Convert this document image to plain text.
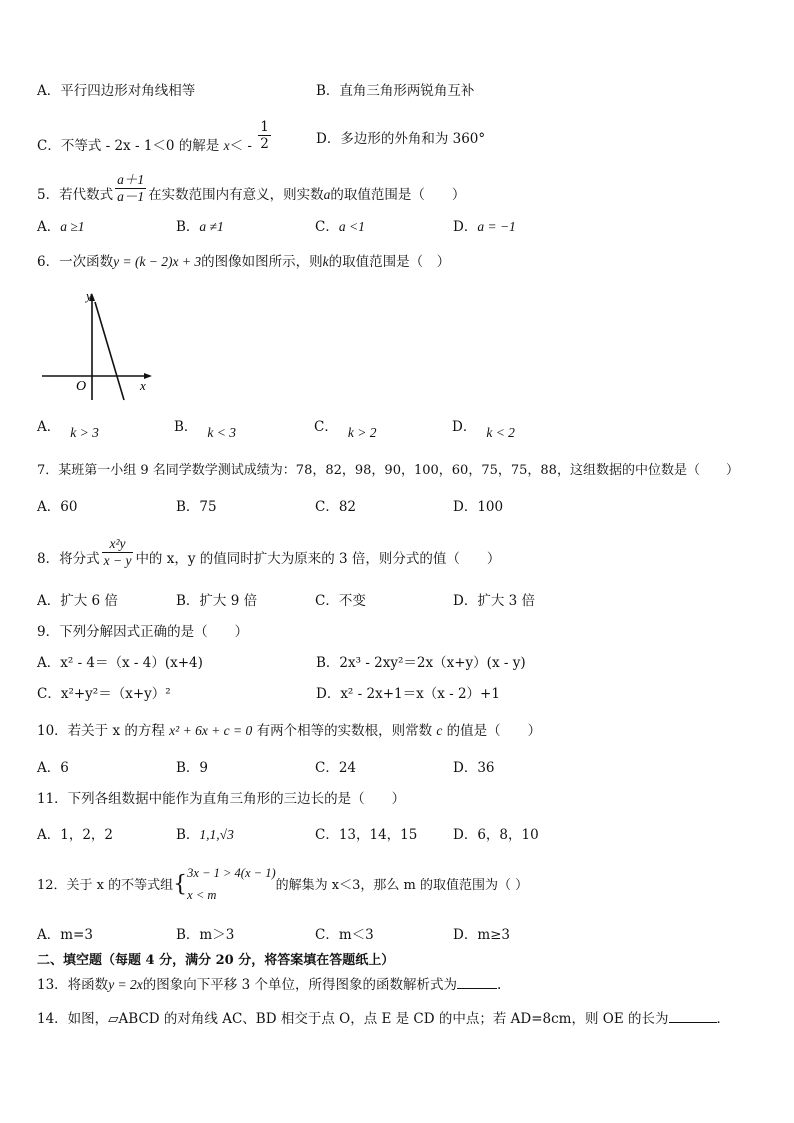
A．平行四边形对角线相等	B．直角三角形两锐角互补
C．不等式 - 2x - 1＜0 的解是 $x< - \frac{1}{2}$	D．多边形的外角和为 360°
5．若代数式 $\frac{a+1}{a-1}$ 在实数范围内有意义，则实数a的取值范围是（　　）
A．a ≥1	B．a ≠1	C．a <1	D．a = −1
6．一次函数y = (k − 2)x + 3的图像如图所示，则k的取值范围是（　）
y
x
O
A． k > 3	B． k < 3	C． k > 2	D． k < 2
7．某班第一小组 9 名同学数学测试成绩为：78，82，98，90，100，60，75，75，88，这组数据的中位数是（　　）
A．60	B．75	C．82	D．100
8．将分式 $\frac{\text{x²y}}{x - y}$ 中的 x，y 的值同时扩大为原来的 3 倍，则分式的值（　　）
A．扩大 6 倍	B．扩大 9 倍	C．不变	D．扩大 3 倍
9．下列分解因式正确的是（　　）
A．x² - 4＝（x - 4）(x+4)	B．2x³ - 2xy²＝2x（x+y）(x - y)
C．x²+y²＝（x+y）²	D．x² - 2x+1＝x（x - 2）+1
10．若关于 x 的方程 x² + 6x + c = 0 有两个相等的实数根，则常数 c 的值是（　　）
A．6	B．9	C．24	D．36
11．下列各组数据中能作为直角三角形的三边长的是（　　）
A．1，2，2	B．1,1,√3	C．13，14，15	D．6，8，10
12．关于 x 的不等式组{ 3x − 1 > 4(x − 1)
x < m
的解集为 x＜3，那么 m 的取值范围为（ ）
A．m=3	B．m＞3	C．m＜3	D．m≥3
二、填空题（每题 4 分，满分 20 分，将答案填在答题纸上）
13．将函数y = 2x的图象向下平移 3 个单位，所得图象的函数解析式为	.
14．如图，▱ABCD 的对角线 AC、BD 相交于点 O，点 E 是 CD 的中点；若 AD=8cm，则 OE 的长为	．
